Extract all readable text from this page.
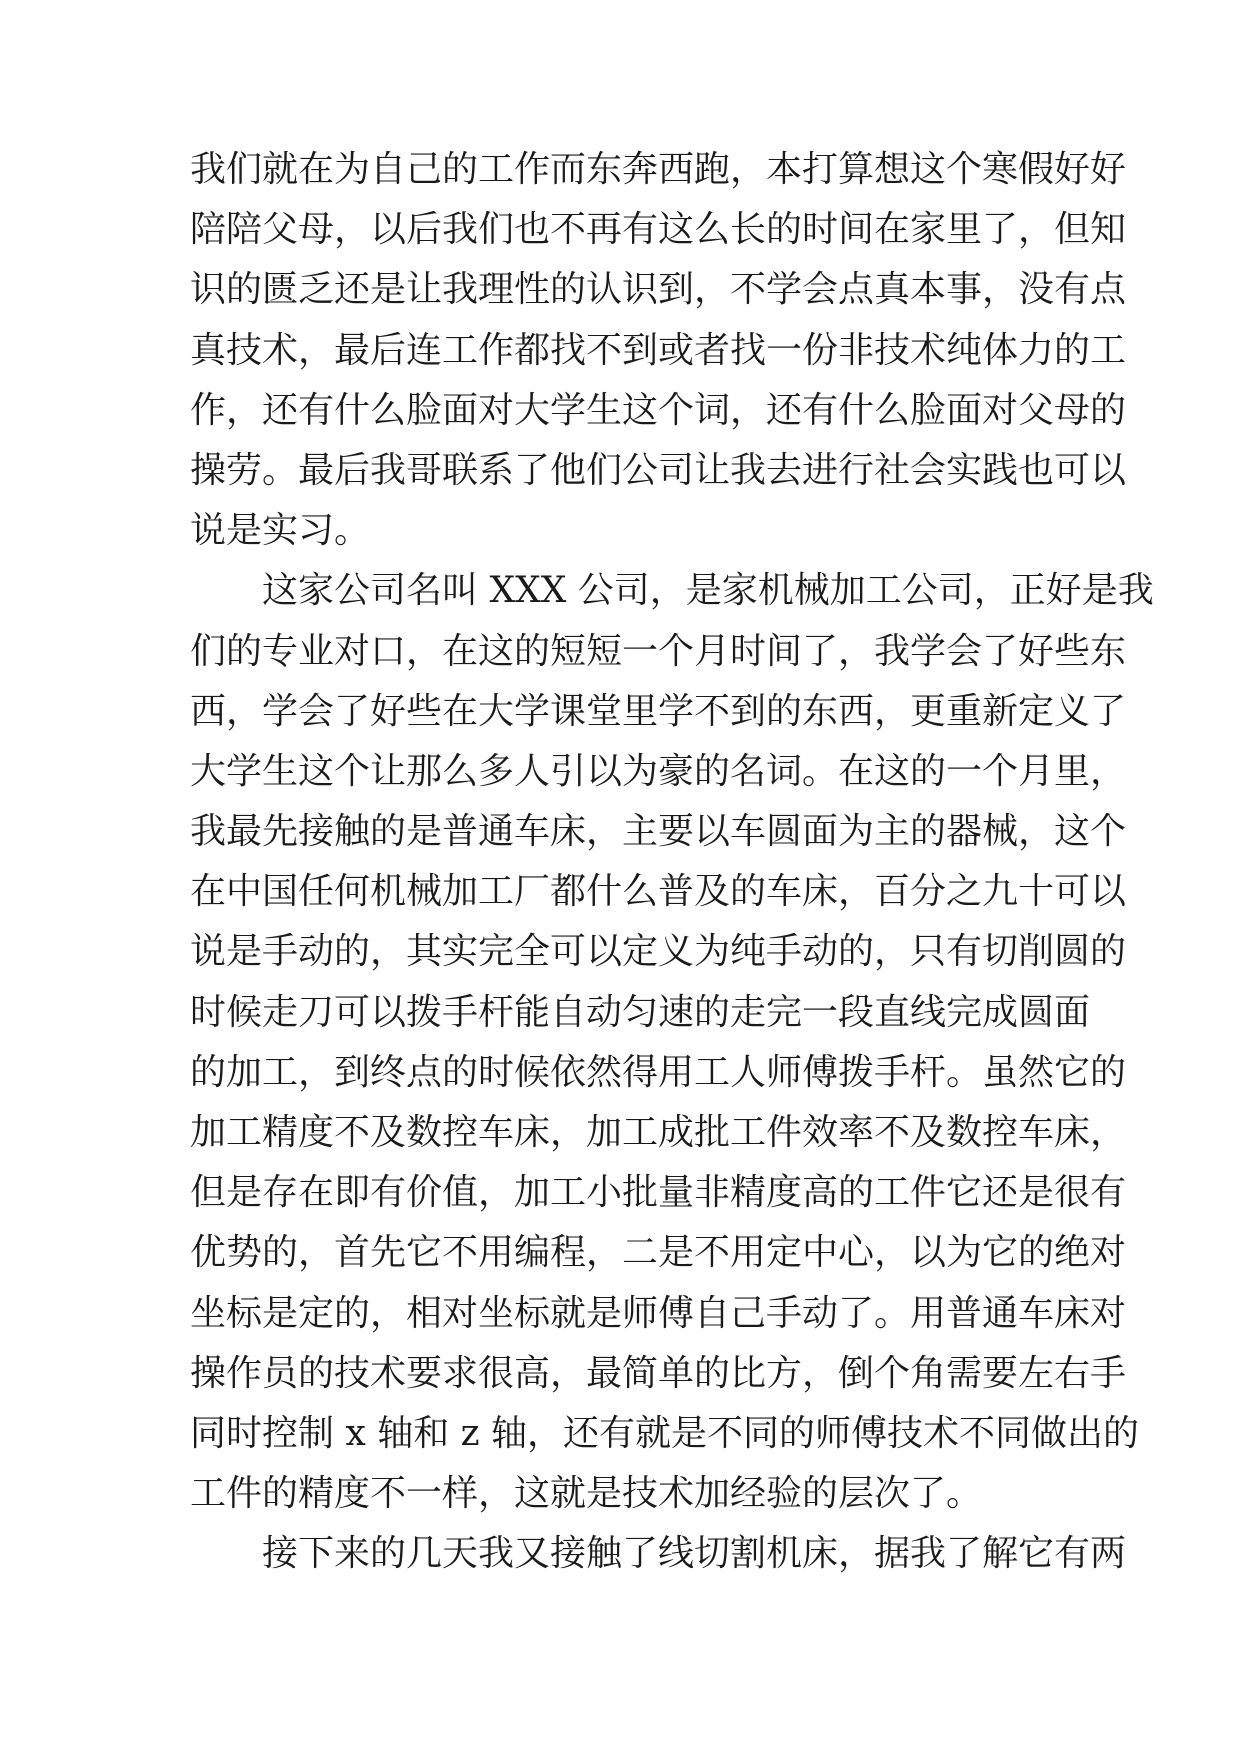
我们就在为自己的工作而东奔西跑，本打算想这个寒假好好
陪陪父母，以后我们也不再有这么长的时间在家里了，但知
识的匮乏还是让我理性的认识到，不学会点真本事，没有点
真技术，最后连工作都找不到或者找一份非技术纯体力的工
作，还有什么脸面对大学生这个词，还有什么脸面对父母的
操劳。最后我哥联系了他们公司让我去进行社会实践也可以
说是实习。
这家公司名叫 XXX 公司，是家机械加工公司，正好是我
们的专业对口，在这的短短一个月时间了，我学会了好些东
西，学会了好些在大学课堂里学不到的东西，更重新定义了
大学生这个让那么多人引以为豪的名词。在这的一个月里，
我最先接触的是普通车床，主要以车圆面为主的器械，这个
在中国任何机械加工厂都什么普及的车床，百分之九十可以
说是手动的，其实完全可以定义为纯手动的，只有切削圆的
时候走刀可以拨手杆能自动匀速的走完一段直线完成圆面
的加工，到终点的时候依然得用工人师傅拨手杆。虽然它的
加工精度不及数控车床，加工成批工件效率不及数控车床，
但是存在即有价值，加工小批量非精度高的工件它还是很有
优势的，首先它不用编程，二是不用定中心，以为它的绝对
坐标是定的，相对坐标就是师傅自己手动了。用普通车床对
操作员的技术要求很高，最简单的比方，倒个角需要左右手
同时控制 x 轴和 z 轴，还有就是不同的师傅技术不同做出的
工件的精度不一样，这就是技术加经验的层次了。
接下来的几天我又接触了线切割机床，据我了解它有两
